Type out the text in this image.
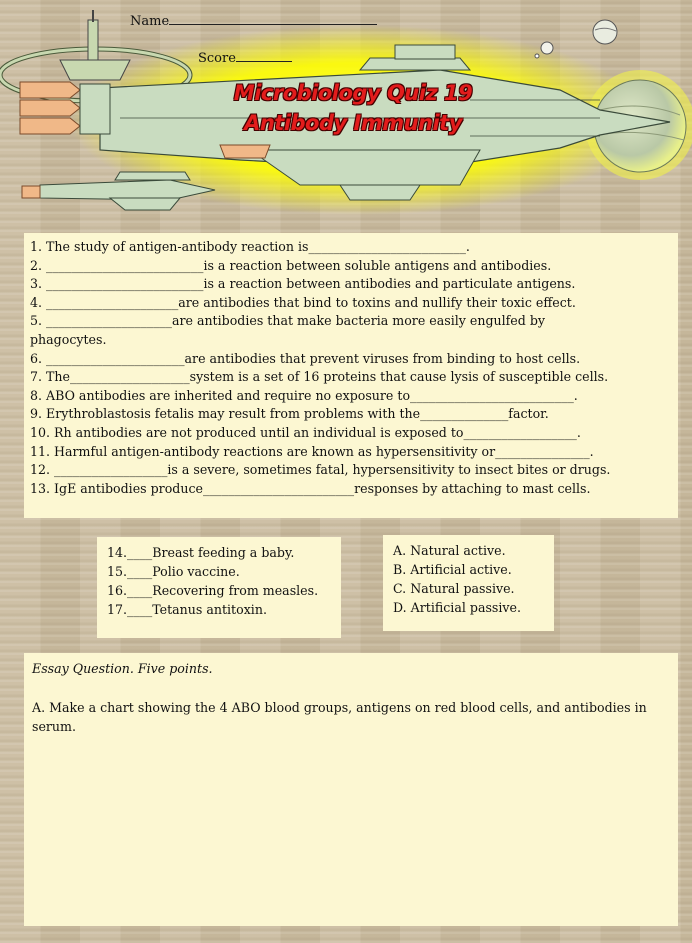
Name
Score
Microbiology Quiz 19
Antibody Immunity
1. The study of antigen-antibody reaction is_________________________.
2. _________________________is a reaction between soluble antigens and antibodies.
3. _________________________is a reaction between antibodies and particulate antigens.
4. _____________________are antibodies that bind to toxins and nullify their toxic effect.
5. ____________________are antibodies that make bacteria more easily engulfed by
phagocytes.
6. ______________________are antibodies that prevent viruses from binding to host cells.
7. The___________________system is a set of 16 proteins that cause lysis of susceptible cells.
8. ABO antibodies are inherited and require no exposure to__________________________.
9. Erythroblastosis fetalis may result from problems with the______________factor.
10. Rh antibodies are not produced until an individual is exposed to__________________.
11. Harmful antigen-antibody reactions are known as hypersensitivity or_______________.
12. __________________is a severe, sometimes fatal, hypersensitivity to insect bites or drugs.
13. IgE antibodies produce________________________responses by attaching to mast cells.
14.____Breast feeding a baby.
15.____Polio vaccine.
16.____Recovering from measles.
17.____Tetanus antitoxin.
A. Natural active.
B. Artificial active.
C. Natural passive.
D. Artificial passive.
Essay Question. Five points.

A. Make a chart showing the 4 ABO blood groups, antigens on red blood cells, and antibodies in serum.
